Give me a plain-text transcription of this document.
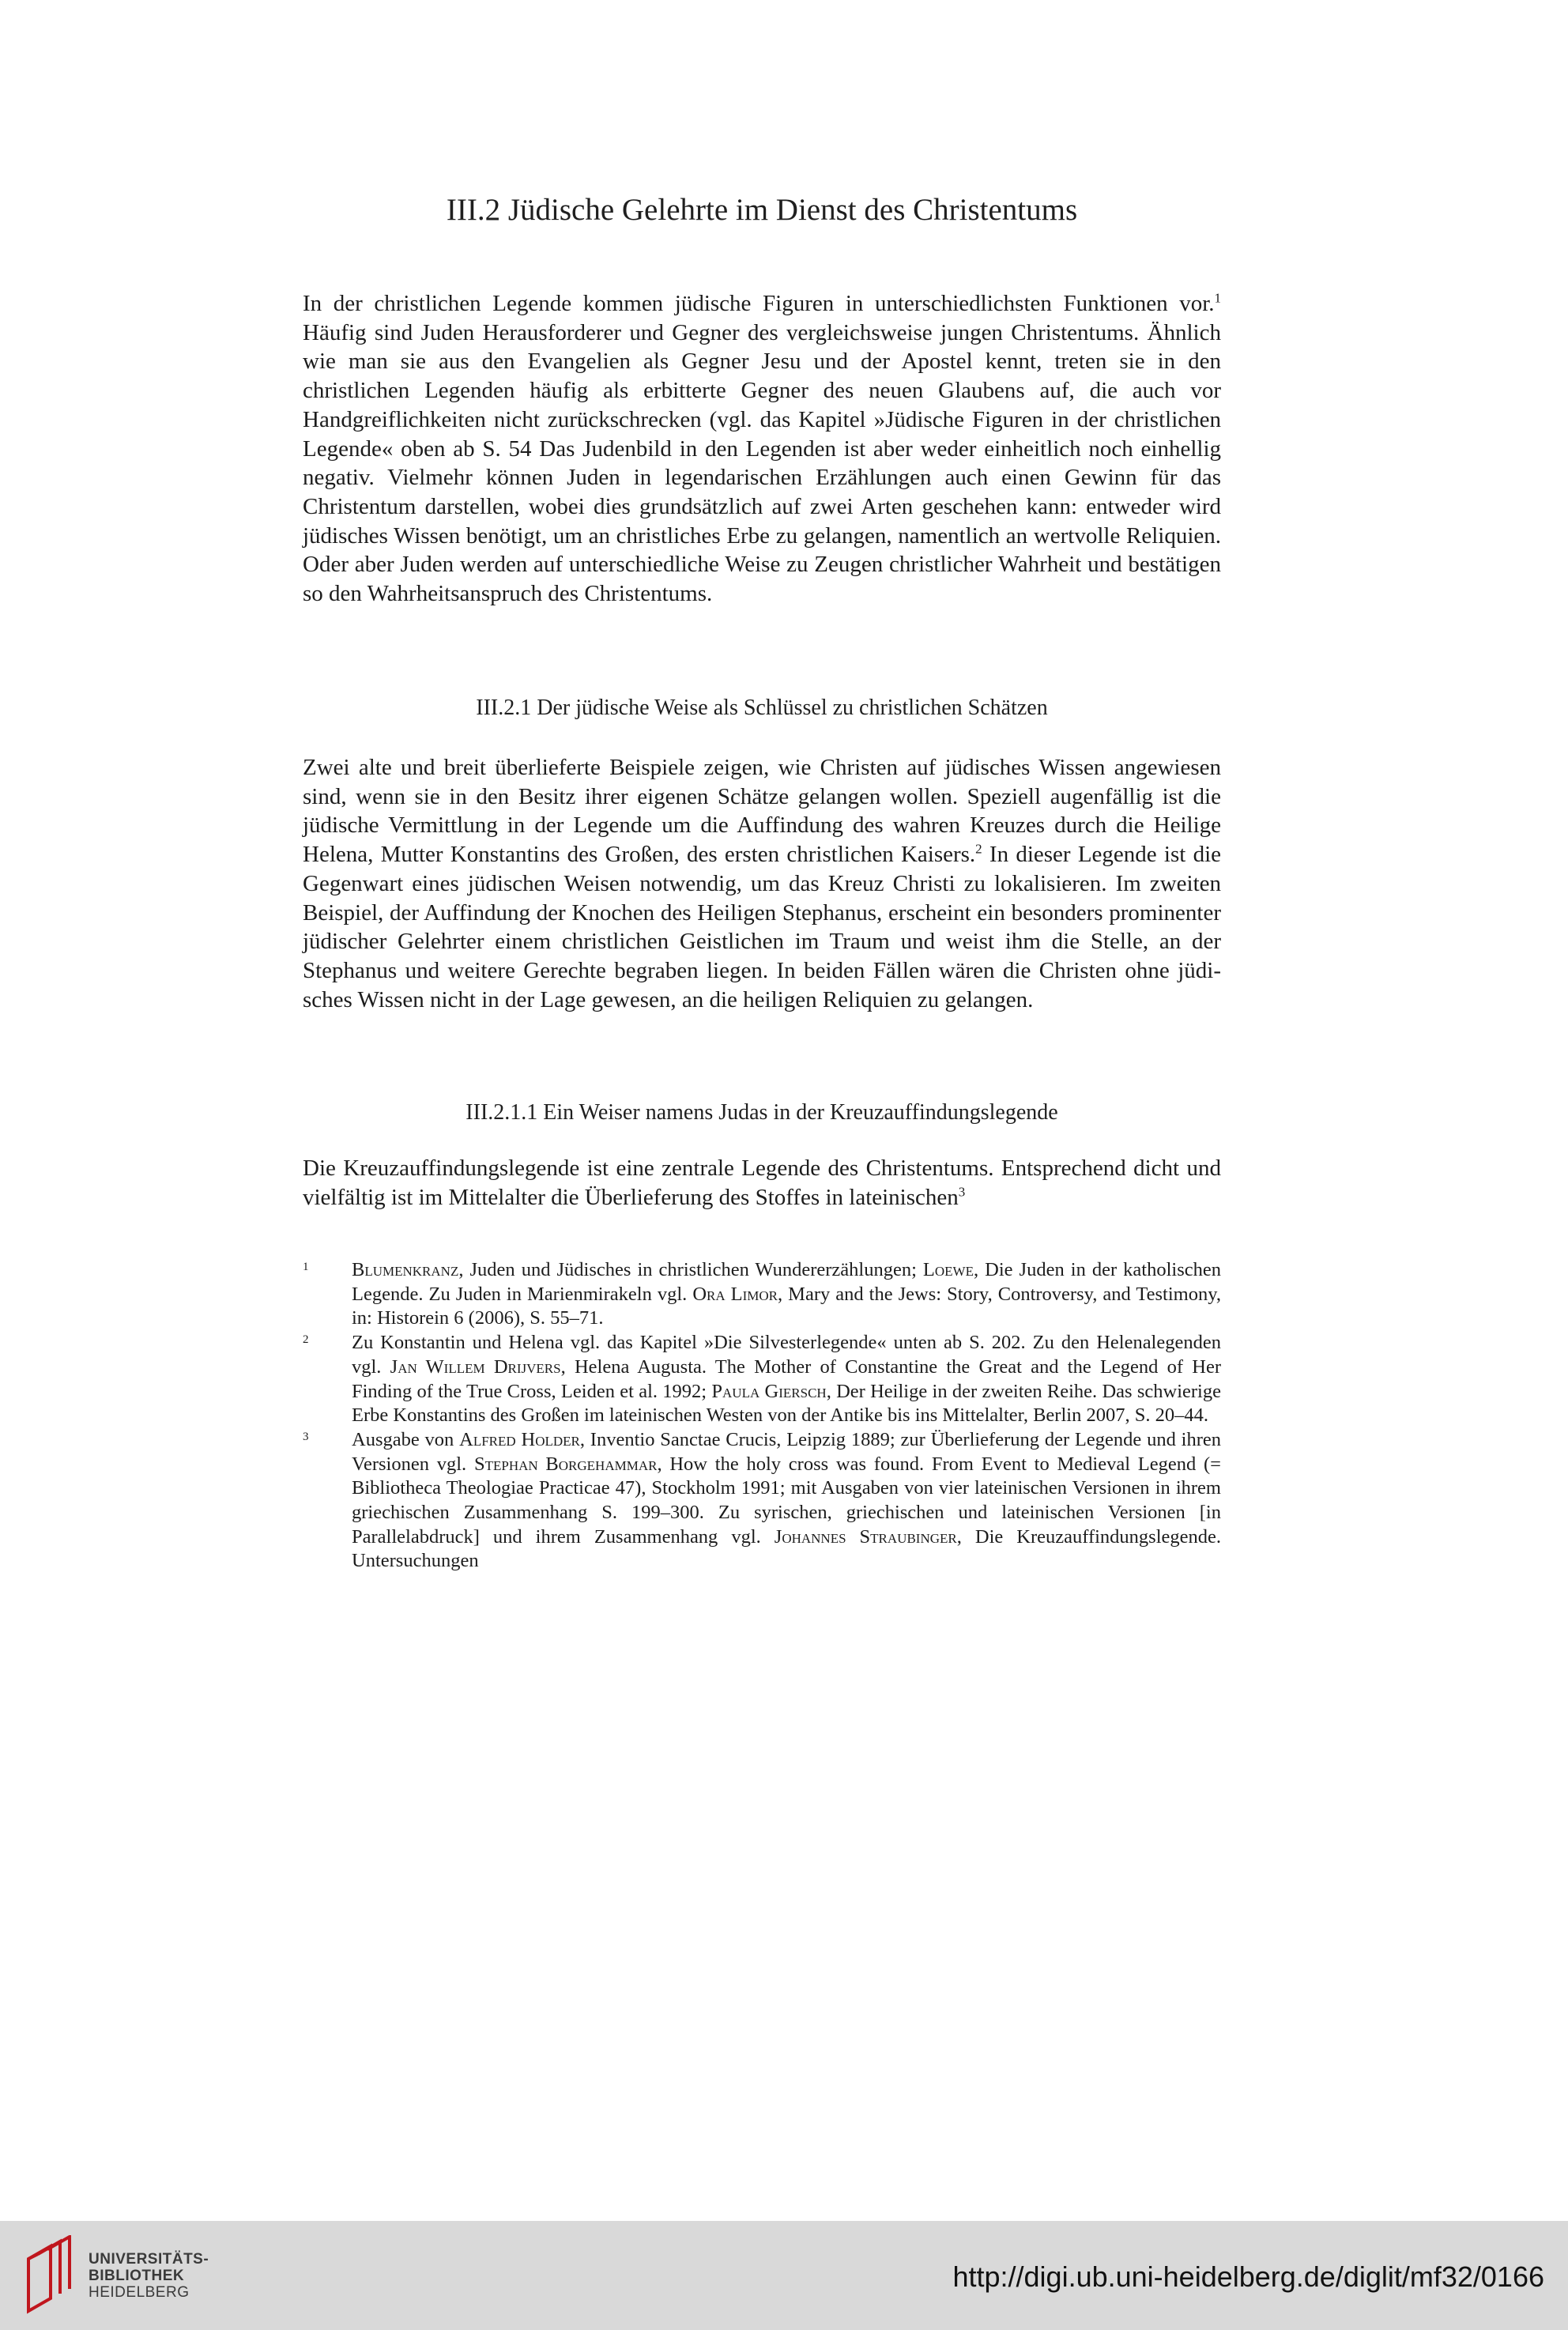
III.2 Jüdische Gelehrte im Dienst des Christentums

In der christlichen Legende kommen jüdische Figuren in unterschiedlichsten Funktionen vor.$^1$ Häufig sind Juden Herausforderer und Gegner des vergleichsweise jungen Christentums. Ähnlich wie man sie aus den Evangelien als Gegner Jesu und der Apostel kennt, treten sie in den christlichen Legenden häufig als erbitterte Gegner des neuen Glaubens auf, die auch vor Handgreiflichkeiten nicht zurückschrecken (vgl. das Kapitel »Jüdische Figuren in der christlichen Legende« oben ab S. 54 Das Judenbild in den Legenden ist aber weder einheitlich noch einhellig negativ. Vielmehr können Juden in legendarischen Erzählungen auch einen Gewinn für das Christentum darstellen, wobei dies grundsätzlich auf zwei Arten geschehen kann: entweder wird jüdisches Wissen benötigt, um an christliches Erbe zu gelangen, namentlich an wertvolle Reliquien. Oder aber Juden werden auf unterschiedliche Weise zu Zeugen christlicher Wahrheit und bestätigen so den Wahrheitsanspruch des Christentums.

III.2.1 Der jüdische Weise als Schlüssel zu christlichen Schätzen

Zwei alte und breit überlieferte Beispiele zeigen, wie Christen auf jüdisches Wissen angewiesen sind, wenn sie in den Besitz ihrer eigenen Schätze gelangen wollen. Speziell augenfällig ist die jüdische Vermittlung in der Legende um die Auffindung des wahren Kreuzes durch die Heilige Helena, Mutter Konstantins des Großen, des ersten christlichen Kaisers.$^2$ In dieser Legende ist die Gegenwart eines jüdischen Weisen notwendig, um das Kreuz Christi zu lokalisieren. Im zweiten Beispiel, der Auffindung der Knochen des Heiligen Stephanus, erscheint ein besonders prominenter jüdischer Gelehrter einem christlichen Geistlichen im Traum und weist ihm die Stelle, an der Stephanus und weitere Gerechte begraben liegen. In beiden Fällen wären die Christen ohne jüdisches Wissen nicht in der Lage gewesen, an die heiligen Reliquien zu gelangen.

III.2.1.1 Ein Weiser namens Judas in der Kreuzauffindungslegende

Die Kreuzauffindungslegende ist eine zentrale Legende des Christentums. Entsprechend dicht und vielfältig ist im Mittelalter die Überlieferung des Stoffes in lateinischen$^3$

1 Blumenkranz, Juden und Jüdisches in christlichen Wundererzählungen; Loewe, Die Juden in der katholischen Legende. Zu Juden in Marienmirakeln vgl. Ora Limor, Mary and the Jews: Story, Controversy, and Testimony, in: Historein 6 (2006), S. 55–71.

2 Zu Konstantin und Helena vgl. das Kapitel »Die Silvesterlegende« unten ab S. 202. Zu den Helenalegenden vgl. Jan Willem Drijvers, Helena Augusta. The Mother of Constantine the Great and the Legend of Her Finding of the True Cross, Leiden et al. 1992; Paula Giersch, Der Heilige in der zweiten Reihe. Das schwierige Erbe Konstantins des Großen im lateinischen Westen von der Antike bis ins Mittelalter, Berlin 2007, S. 20–44.

3 Ausgabe von Alfred Holder, Inventio Sanctae Crucis, Leipzig 1889; zur Überlieferung der Legende und ihren Versionen vgl. Stephan Borgehammar, How the holy cross was found. From Event to Medieval Legend (= Bibliotheca Theologiae Practicae 47), Stockholm 1991; mit Ausgaben von vier lateinischen Versionen in ihrem griechischen Zusammenhang S. 199–300. Zu syrischen, griechischen und lateinischen Versionen [in Parallelabdruck] und ihrem Zusammenhang vgl. Johannes Straubinger, Die Kreuzauffindungslegende. Untersuchungen

UNIVERSITÄTS-
BIBLIOTHEK
HEIDELBERG	http://digi.ub.uni-heidelberg.de/diglit/mf32/0166
